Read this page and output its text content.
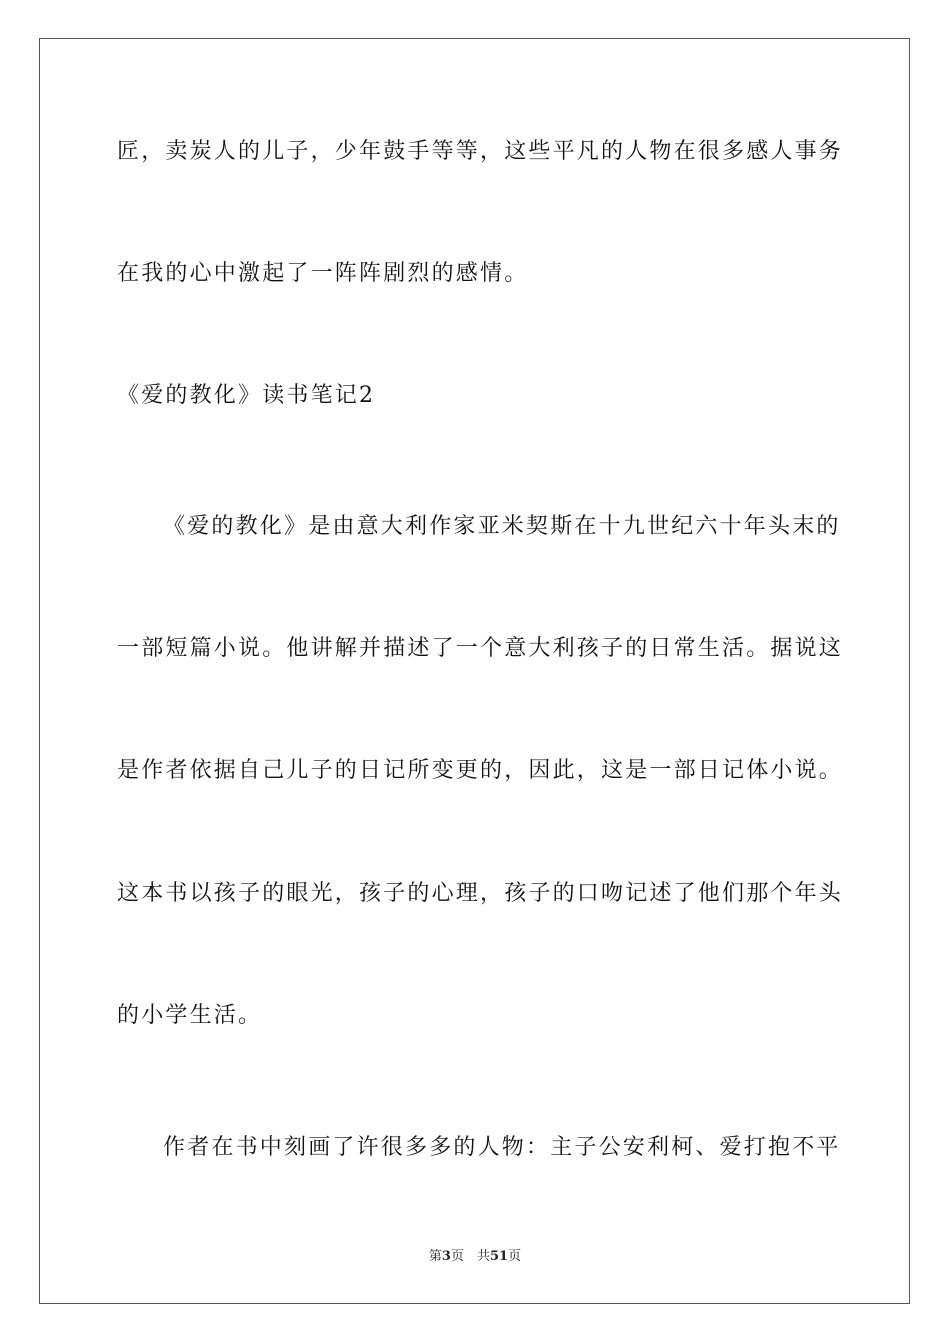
匠，卖炭人的儿子，少年鼓手等等，这些平凡的人物在很多感人事务
在我的心中激起了一阵阵剧烈的感情。
《爱的教化》读书笔记2
《爱的教化》是由意大利作家亚米契斯在十九世纪六十年头末的
一部短篇小说。他讲解并描述了一个意大利孩子的日常生活。据说这
是作者依据自己儿子的日记所变更的，因此，这是一部日记体小说。
这本书以孩子的眼光，孩子的心理，孩子的口吻记述了他们那个年头
的小学生活。
作者在书中刻画了许很多多的人物：主子公安利柯、爱打抱不平
第3页　共51页
